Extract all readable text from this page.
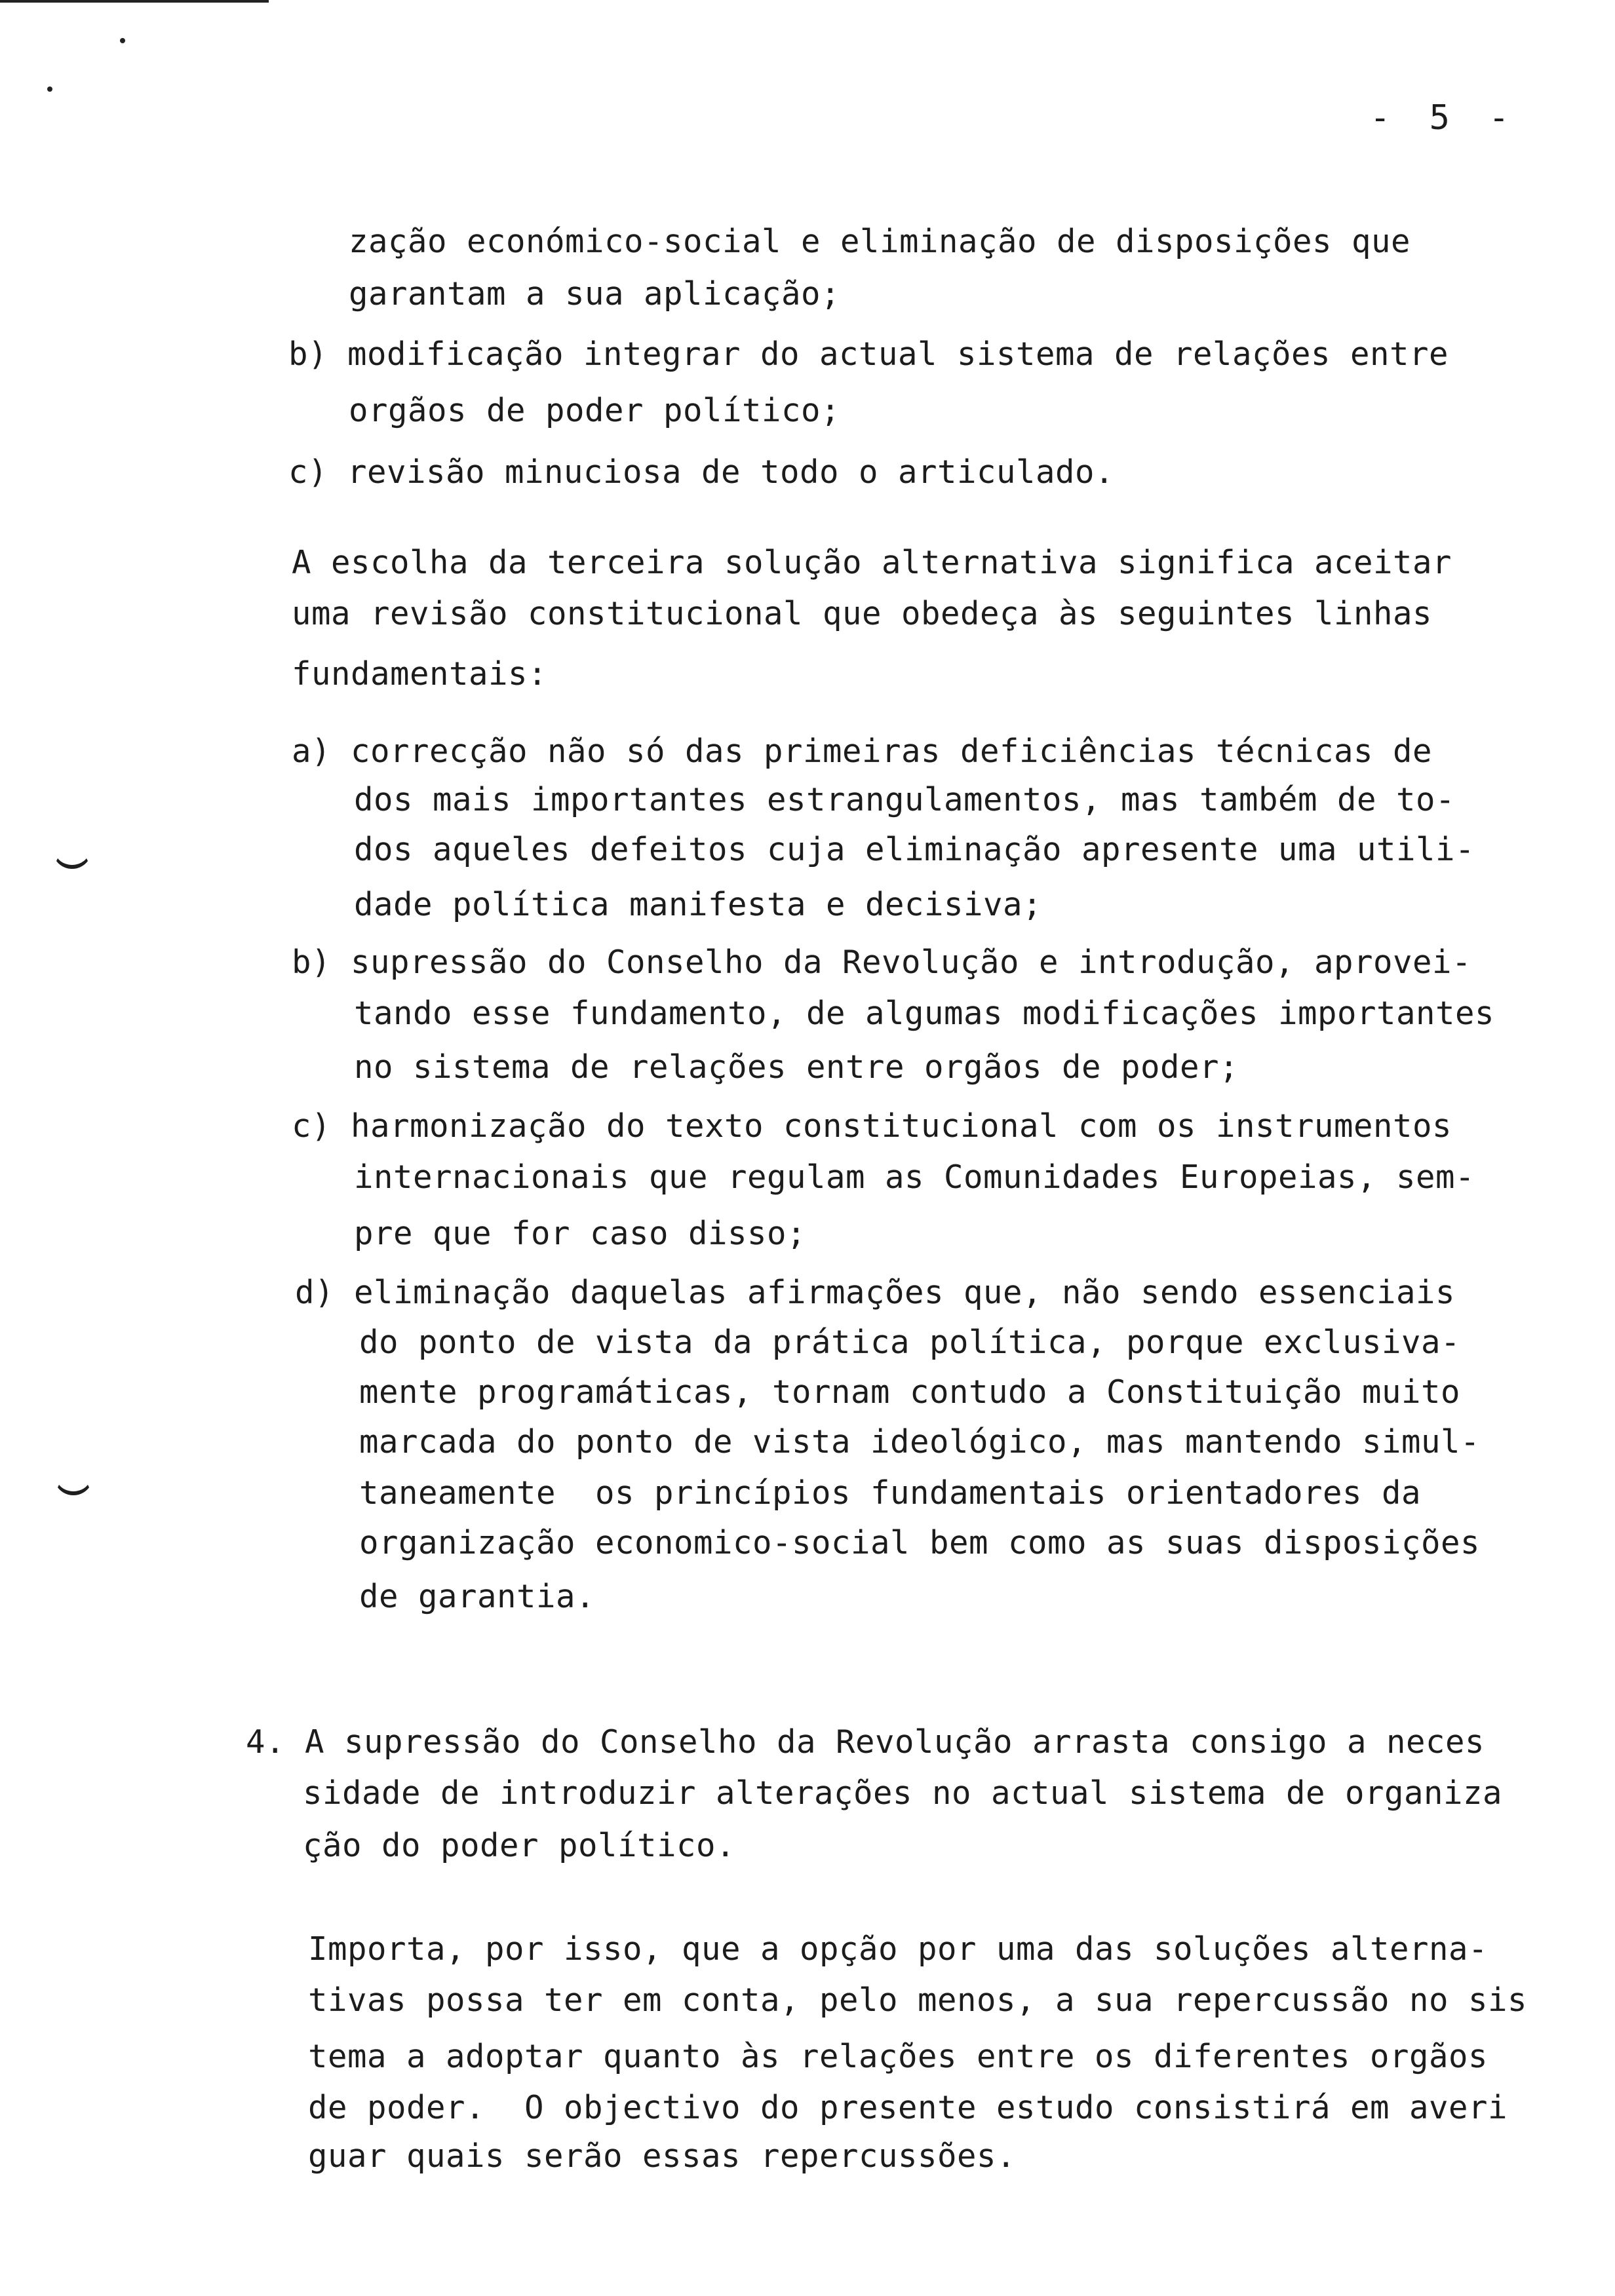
- 5 -
zação económico-social e eliminação de disposições que
garantam a sua aplicação;
b) modificação integrar do actual sistema de relações entre
orgãos de poder político;
c) revisão minuciosa de todo o articulado.
A escolha da terceira solução alternativa significa aceitar
uma revisão constitucional que obedeça às seguintes linhas
fundamentais:
a) correcção não só das primeiras deficiências técnicas de
dos mais importantes estrangulamentos, mas também de to-
dos aqueles defeitos cuja eliminação apresente uma utili-
dade política manifesta e decisiva;
b) supressão do Conselho da Revolução e introdução, aprovei-
tando esse fundamento, de algumas modificações importantes
no sistema de relações entre orgãos de poder;
c) harmonização do texto constitucional com os instrumentos
internacionais que regulam as Comunidades Europeias, sem-
pre que for caso disso;
d) eliminação daquelas afirmações que, não sendo essenciais
do ponto de vista da prática política, porque exclusiva-
mente programáticas, tornam contudo a Constituição muito
marcada do ponto de vista ideológico, mas mantendo simul-
taneamente  os princípios fundamentais orientadores da
organização economico-social bem como as suas disposições
de garantia.
4. A supressão do Conselho da Revolução arrasta consigo a neces
sidade de introduzir alterações no actual sistema de organiza
ção do poder político.
Importa, por isso, que a opção por uma das soluções alterna-
tivas possa ter em conta, pelo menos, a sua repercussão no sis
tema a adoptar quanto às relações entre os diferentes orgãos
de poder.  O objectivo do presente estudo consistirá em averi
guar quais serão essas repercussões.
